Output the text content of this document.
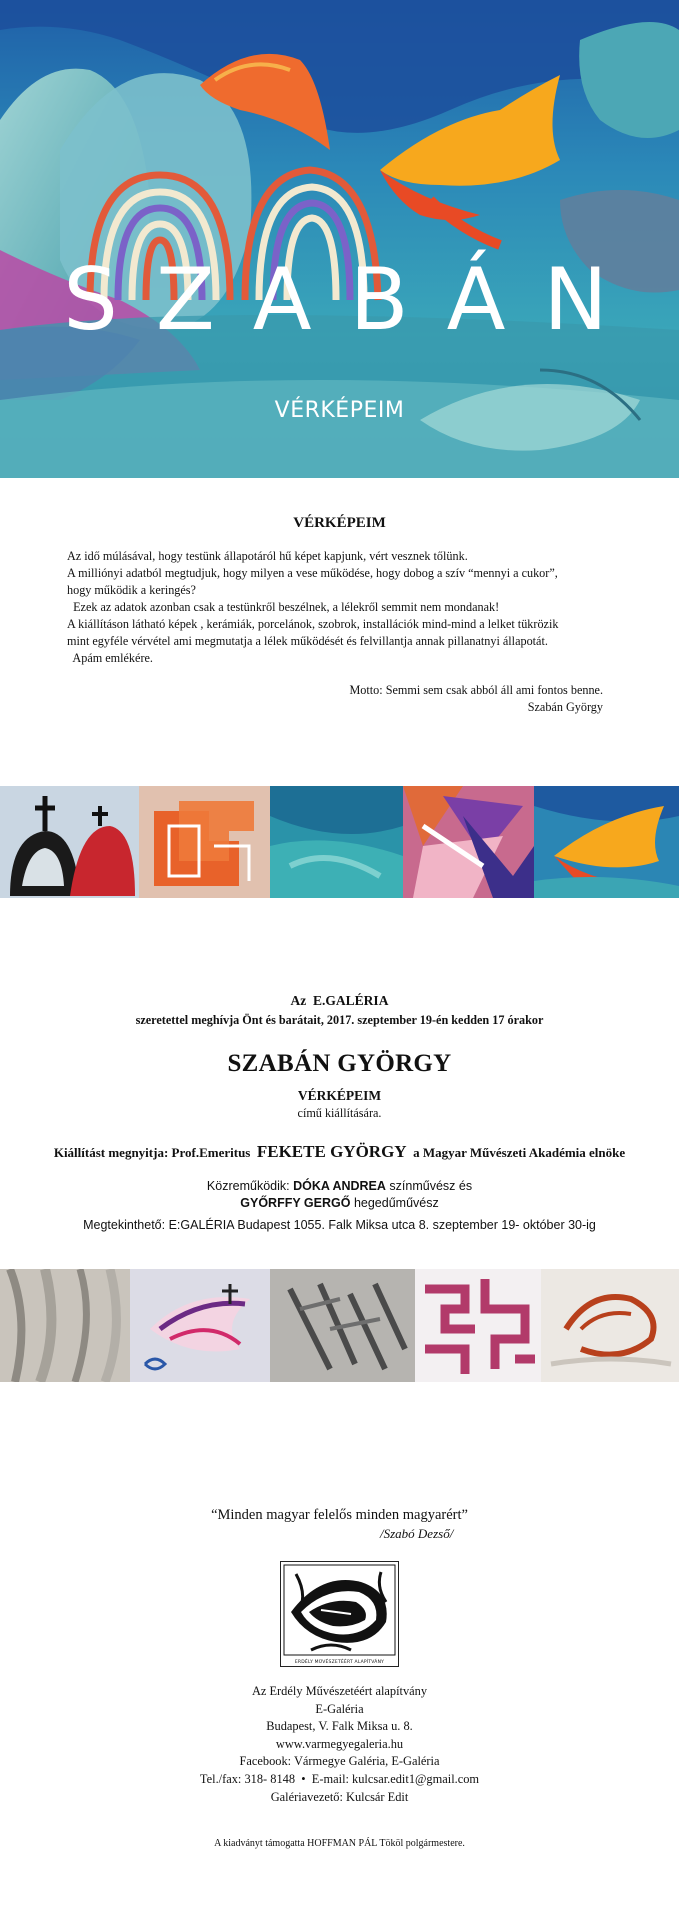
SZABÁN
VÉRKÉPEIM
VÉRKÉPEIM
Az idő múlásával, hogy testünk állapotáról hű képet kapjunk, vért vesznek tőlünk.
A milliónyi adatból megtudjuk, hogy milyen a vese működése, hogy dobog a szív “mennyi a cukor”,
hogy működik a keringés?
Ezek az adatok azonban csak a testünkről beszélnek, a lélekről semmit nem mondanak!
A kiállításon látható képek , kerámiák, porcelánok, szobrok, installációk mind-mind a lelket tükrözik
mint egyféle vérvétel ami megmutatja a lélek működését és felvillantja annak pillanatnyi állapotát.
Apám emlékére.
Motto: Semmi sem csak abból áll ami fontos benne.
Szabán György
Az E.GALÉRIA
szeretettel meghívja Önt és barátait, 2017. szeptember 19-én kedden 17 órakor
SZABÁN GYÖRGY
VÉRKÉPEIM
című kiállítására.
Kiállítást megnyitja: Prof.Emeritus FEKETE GYÖRGY a Magyar Művészeti Akadémia elnöke
Közreműködik: DÓKA ANDREA színművész és
GYŐRFFY GERGŐ hegedűművész
Megtekinthető: E:GALÉRIA Budapest 1055. Falk Miksa utca 8. szeptember 19- október 30-ig
“Minden magyar felelős minden magyarért”
/Szabó Dezső/
ERDÉLY MŰVÉSZETÉÉRT ALAPÍTVÁNY
Az Erdély Művészetéért alapítvány
E-Galéria
Budapest, V. Falk Miksa u. 8.
www.varmegyegaleria.hu
Facebook: Vármegye Galéria, E-Galéria
Tel./fax: 318- 8148  •  E-mail: kulcsar.edit1@gmail.com
Galériavezető: Kulcsár Edit
A kiadványt támogatta HOFFMAN PÁL Tököl polgármestere.
